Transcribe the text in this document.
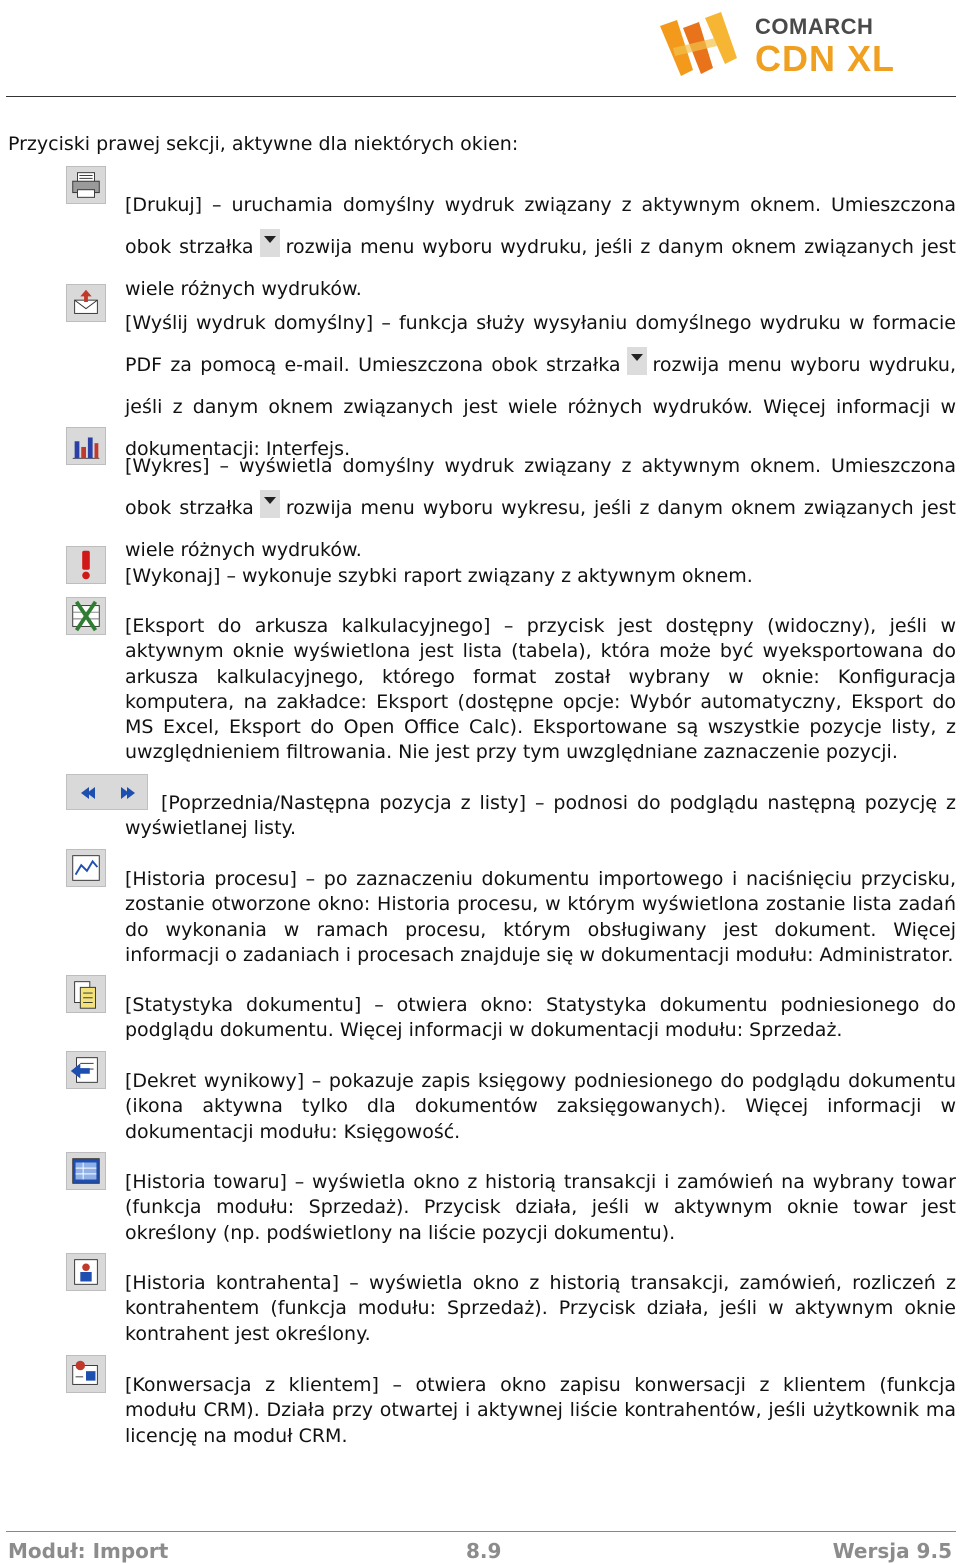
COMARCH
CDN XL
Przyciski prawej sekcji, aktywne dla niektórych okien:
[Drukuj] – uruchamia domyślny wydruk związany z aktywnym oknem. Umieszczona obok strzałka rozwija menu wyboru wydruku, jeśli z danym oknem związanych jest wiele różnych wydruków.
[Wyślij wydruk domyślny] – funkcja służy wysyłaniu domyślnego wydruku w formacie PDF za pomocą e-mail. Umieszczona obok strzałka rozwija menu wyboru wydruku, jeśli z danym oknem związanych jest wiele różnych wydruków. Więcej informacji w dokumentacji: Interfejs.
[Wykres] – wyświetla domyślny wydruk związany z aktywnym oknem. Umieszczona obok strzałka rozwija menu wyboru wykresu, jeśli z danym oknem związanych jest wiele różnych wydruków.
[Wykonaj] – wykonuje szybki raport związany z aktywnym oknem.
[Eksport do arkusza kalkulacyjnego] – przycisk jest dostępny (widoczny), jeśli w aktywnym oknie wyświetlona jest lista (tabela), która może być wyeksportowana do arkusza kalkulacyjnego, którego format został wybrany w oknie: Konfiguracja komputera, na zakładce: Eksport (dostępne opcje: Wybór automatyczny, Eksport do MS Excel, Eksport do Open Office Calc). Eksportowane są wszystkie pozycje listy, z uwzględnieniem filtrowania. Nie jest przy tym uwzględniane zaznaczenie pozycji.
[Poprzednia/Następna pozycja z listy] – podnosi do podglądu następną pozycję z wyświetlanej listy.
[Historia procesu] – po zaznaczeniu dokumentu importowego i naciśnięciu przycisku, zostanie otworzone okno: Historia procesu, w którym wyświetlona zostanie lista zadań do wykonania w ramach procesu, którym obsługiwany jest dokument. Więcej informacji o zadaniach i procesach znajduje się w dokumentacji modułu: Administrator.
[Statystyka dokumentu] – otwiera okno: Statystyka dokumentu podniesionego do podglądu dokumentu. Więcej informacji w dokumentacji modułu: Sprzedaż.
[Dekret wynikowy] – pokazuje zapis księgowy podniesionego do podglądu dokumentu (ikona aktywna tylko dla dokumentów zaksięgowanych). Więcej informacji w dokumentacji modułu: Księgowość.
[Historia towaru] – wyświetla okno z historią transakcji i zamówień na wybrany towar (funkcja modułu: Sprzedaż). Przycisk działa, jeśli w aktywnym oknie towar jest określony (np. podświetlony na liście pozycji dokumentu).
[Historia kontrahenta] – wyświetla okno z historią transakcji, zamówień, rozliczeń z kontrahentem (funkcja modułu: Sprzedaż). Przycisk działa, jeśli w aktywnym oknie kontrahent jest określony.
[Konwersacja z klientem] – otwiera okno zapisu konwersacji z klientem (funkcja modułu CRM). Działa przy otwartej i aktywnej liście kontrahentów, jeśli użytkownik ma licencję na moduł CRM.
Moduł: Import	8.9	Wersja 9.5
